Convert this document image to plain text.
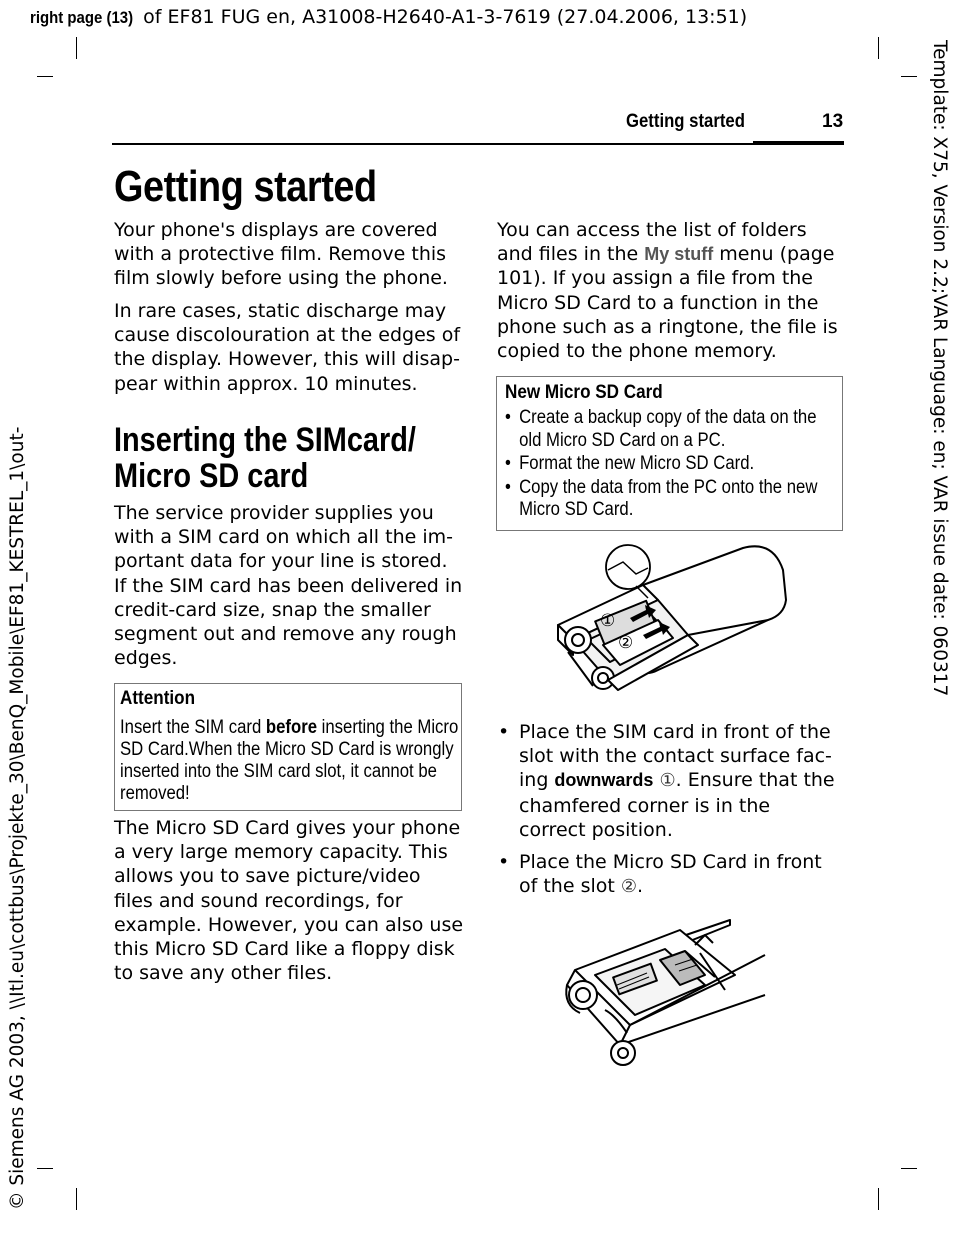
right page (13) of EF81 FUG en, A31008-H2640-A1-3-7619 (27.04.2006, 13:51)
Template: X75, Version 2.2;VAR Language: en; VAR issue date: 060317
© Siemens AG 2003, \\Itl.eu\cottbus\Projekte_30\BenQ_Mobile\EF81_KESTREL_1\out-
Getting started	13
Getting started

Your phone's displays are covered with a protective film. Remove this film slowly before using the phone.

In rare cases, static discharge may cause discolouration at the edges of the display. However, this will disap-pear within approx. 10 minutes.

Inserting the SIMcard/
Micro SD card

The service provider supplies you with a SIM card on which all the im-portant data for your line is stored. If the SIM card has been delivered in credit-card size, snap the smaller segment out and remove any rough edges.

Attention
Insert the SIM card before inserting the Micro SD Card.When the Micro SD Card is wrongly inserted into the SIM card slot, it cannot be removed!

The Micro SD Card gives your phone a very large memory capacity. This allows you to save picture/video files and sound recordings, for example. However, you can also use this Micro SD Card like a floppy disk to save any other files.

You can access the list of folders and files in the My stuff menu (page 101). If you assign a file from the Micro SD Card to a function in the phone such as a ringtone, the file is copied to the phone memory.

New Micro SD Card
• Create a backup copy of the data on the old Micro SD Card on a PC.
• Format the new Micro SD Card.
• Copy the data from the PC onto the new Micro SD Card.
①
②
• Place the SIM card in front of the slot with the contact surface fac-ing downwards ①. Ensure that the chamfered corner is in the correct position.
• Place the Micro SD Card in front of the slot ②.
